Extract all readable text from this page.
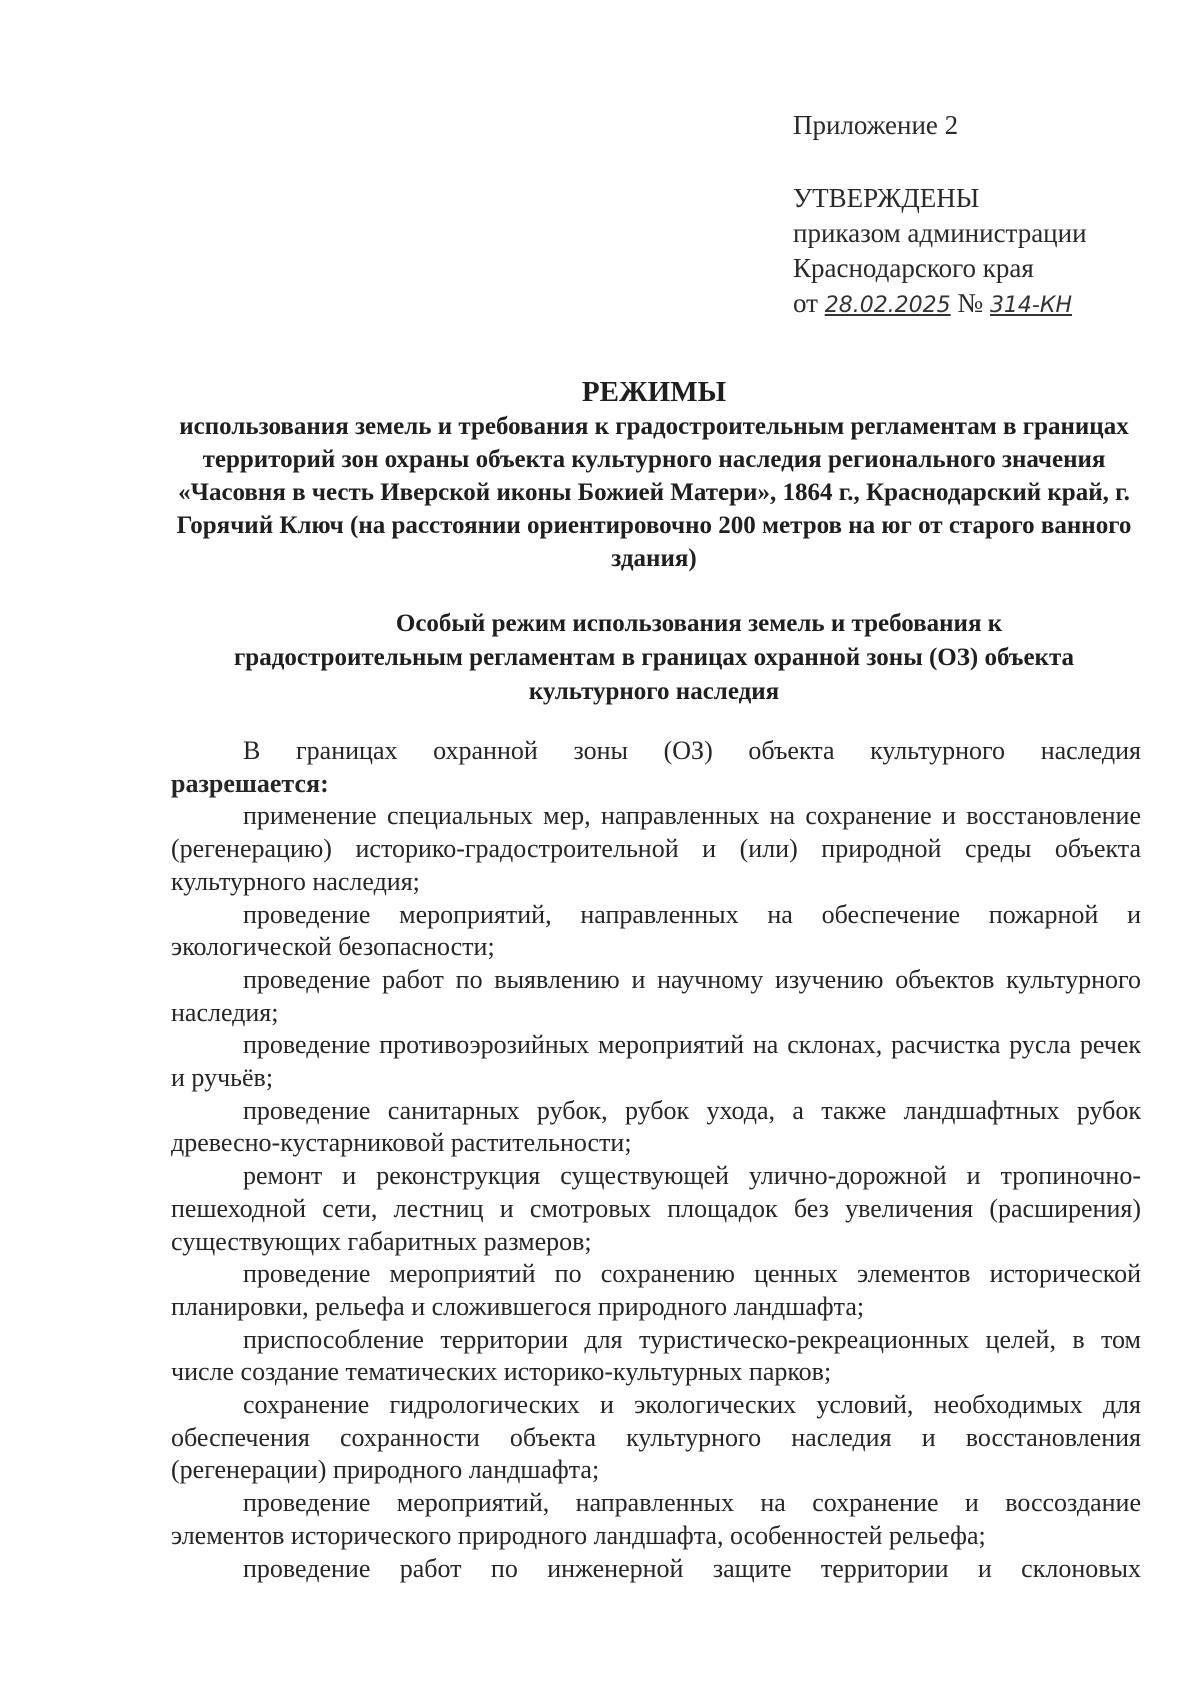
Приложение 2
УТВЕРЖДЕНЫ
приказом администрации
Краснодарского края
от 28.02.2025 № 314-КН
РЕЖИМЫ
использования земель и требования к градостроительным регламентам в границах территорий зон охраны объекта культурного наследия регионального значения «Часовня в честь Иверской иконы Божией Матери», 1864 г., Краснодарский край, г. Горячий Ключ (на расстоянии ориентировочно 200 метров на юг от старого ванного здания)
Особый режим использования земель и требования к
градостроительным регламентам в границах охранной зоны (ОЗ) объекта
культурного наследия

В границах охранной зоны (ОЗ) объекта культурного наследия
разрешается:

применение специальных мер, направленных на сохранение и восстановление (регенерацию) историко-градостроительной и (или) природной среды объекта культурного наследия;

проведение мероприятий, направленных на обеспечение пожарной и экологической безопасности;

проведение работ по выявлению и научному изучению объектов культурного наследия;

проведение противоэрозийных мероприятий на склонах, расчистка русла речек и ручьёв;

проведение санитарных рубок, рубок ухода, а также ландшафтных рубок древесно-кустарниковой растительности;

ремонт и реконструкция существующей улично-дорожной и тропиночно-пешеходной сети, лестниц и смотровых площадок без увеличения (расширения) существующих габаритных размеров;

проведение мероприятий по сохранению ценных элементов исторической планировки, рельефа и сложившегося природного ландшафта;

приспособление территории для туристическо-рекреационных целей, в том числе создание тематических историко-культурных парков;

сохранение гидрологических и экологических условий, необходимых для обеспечения сохранности объекта культурного наследия и восстановления (регенерации) природного ландшафта;

проведение мероприятий, направленных на сохранение и воссоздание элементов исторического природного ландшафта, особенностей рельефа;

проведение работ по инженерной защите территории и склоновых
